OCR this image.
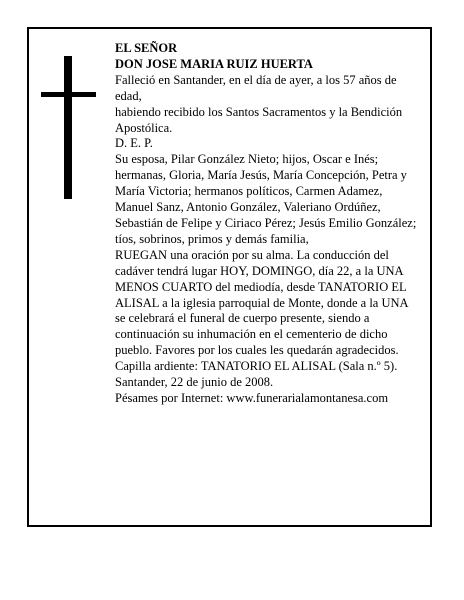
EL SEÑOR

DON JOSE MARIA RUIZ HUERTA

Falleció en Santander, en el día de ayer, a los 57 años de edad,

habiendo recibido los Santos Sacramentos y la Bendición Apostólica.

D. E. P.

Su esposa, Pilar González Nieto; hijos, Oscar e Inés; hermanas, Gloria, María Jesús, María Concepción, Petra y María Victoria; hermanos políticos, Carmen Adamez, Manuel Sanz, Antonio González, Valeriano Ordúñez, Sebastián de Felipe y Ciriaco Pérez; Jesús Emilio González; tíos, sobrinos, primos y demás familia,

RUEGAN una oración por su alma. La conducción del cadáver tendrá lugar HOY, DOMINGO, día 22, a la UNA MENOS CUARTO del mediodía, desde TANATORIO EL ALISAL a la iglesia parroquial de Monte, donde a la UNA se celebrará el funeral de cuerpo presente, siendo a continuación su inhumación en el cementerio de dicho pueblo. Favores por los cuales les quedarán agradecidos.

Capilla ardiente: TANATORIO EL ALISAL (Sala n.º 5).

Santander, 22 de junio de 2008.

Pésames por Internet: www.funerarialamontanesa.com
